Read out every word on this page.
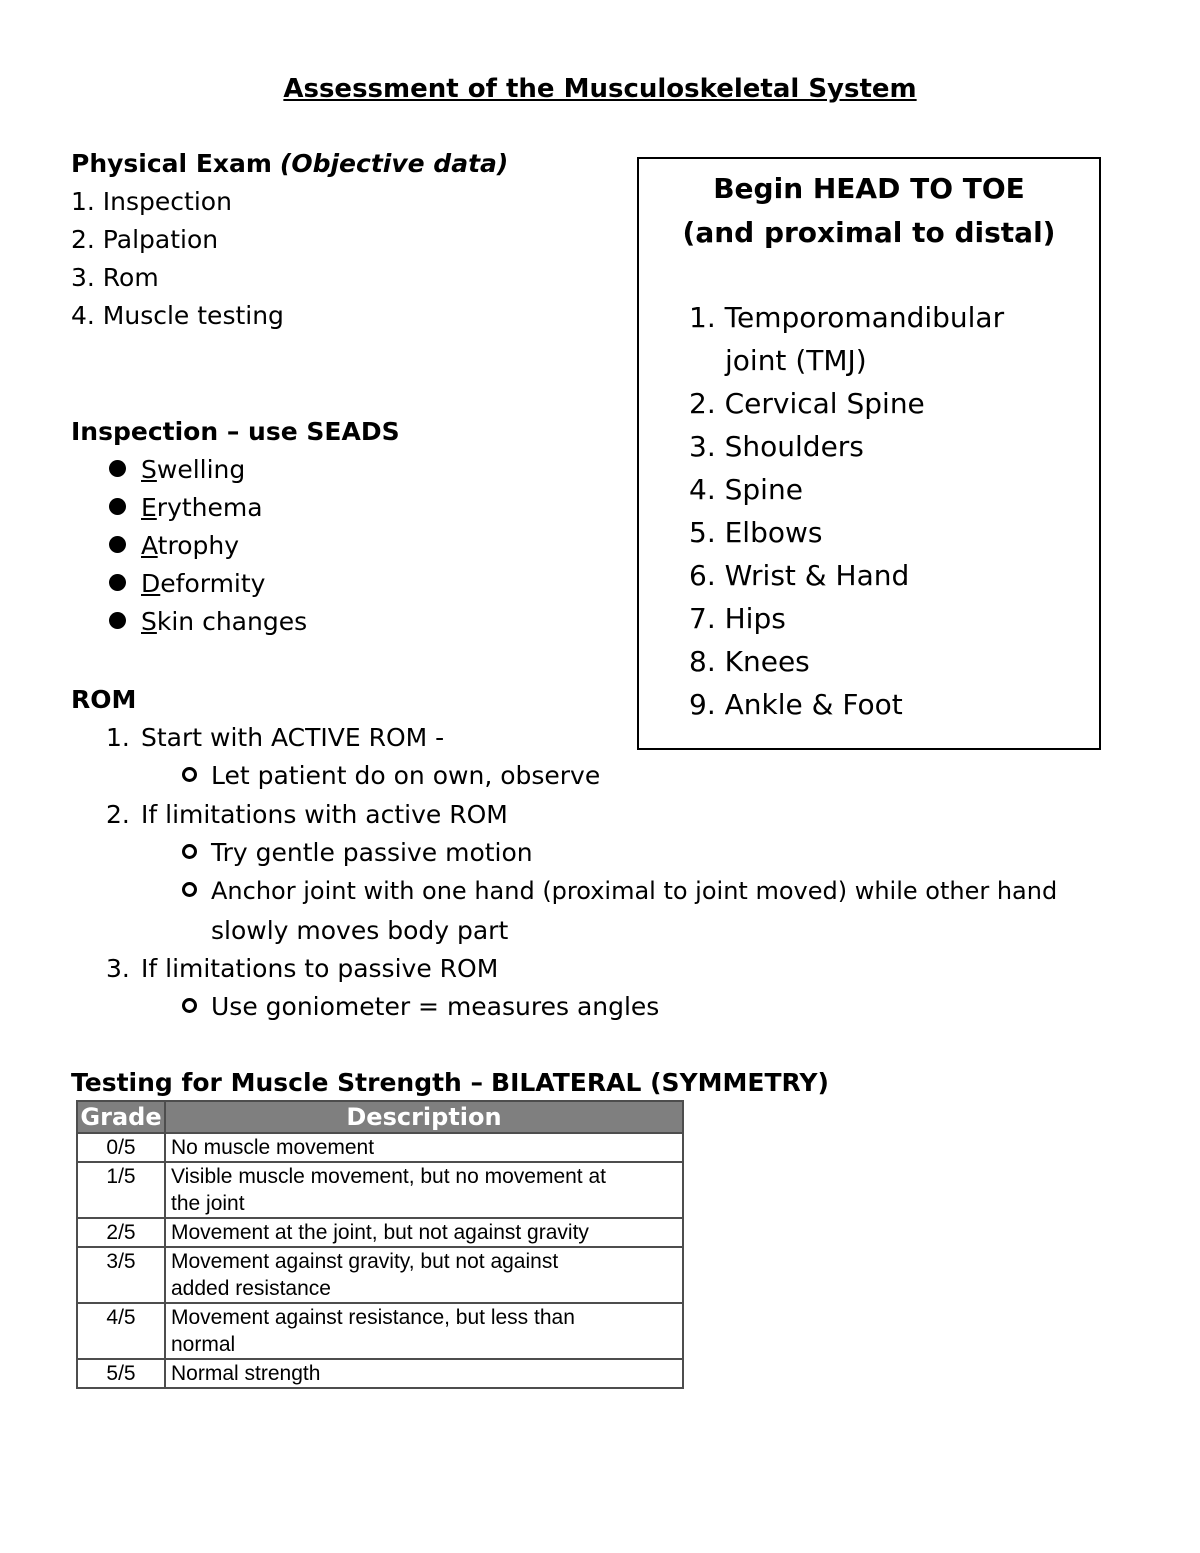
Assessment of the Musculoskeletal System
Physical Exam (Objective data)
1. Inspection
2. Palpation
3. Rom
4. Muscle testing
Inspection – use SEADS
Swelling
Erythema
Atrophy
Deformity
Skin changes
ROM
1. Start with ACTIVE ROM -
Let patient do on own, observe
2. If limitations with active ROM
Try gentle passive motion
Anchor joint with one hand (proximal to joint moved) while other hand
slowly moves body part
3. If limitations to passive ROM
Use goniometer = measures angles
Begin HEAD TO TOE
(and proximal to distal)
1. Temporomandibular
joint (TMJ)
2. Cervical Spine
3. Shoulders
4. Spine
5. Elbows
6. Wrist & Hand
7. Hips
8. Knees
9. Ankle & Foot
Testing for Muscle Strength – BILATERAL (SYMMETRY)
Grade	Description
0/5	No muscle movement

1/5	Visible muscle movement, but no movement at
the joint

2/5	Movement at the joint, but not against gravity

3/5	Movement against gravity, but not against
added resistance

4/5	Movement against resistance, but less than
normal

5/5	Normal strength
